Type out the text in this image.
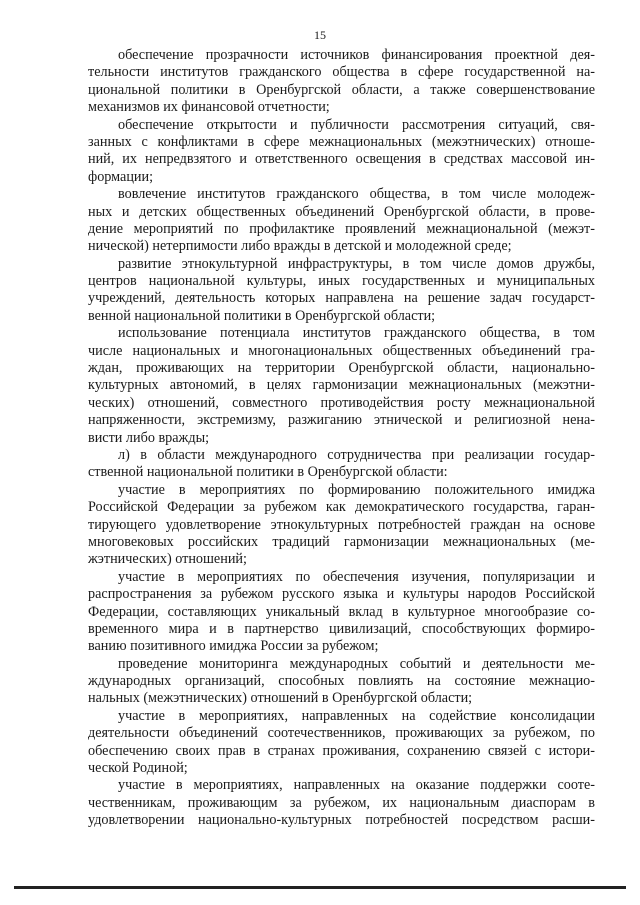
15
обеспечение прозрачности источников финансирования проектной дея-
тельности институтов гражданского общества в сфере государственной на-
циональной политики в Оренбургской области, а также совершенствование
механизмов их финансовой отчетности;
обеспечение открытости и публичности рассмотрения ситуаций, свя-
занных с конфликтами в сфере межнациональных (межэтнических) отноше-
ний, их непредвзятого и ответственного освещения в средствах массовой ин-
формации;
вовлечение институтов гражданского общества, в том числе молодеж-
ных и детских общественных объединений Оренбургской области, в прове-
дение мероприятий по профилактике проявлений межнациональной (межэт-
нической) нетерпимости либо вражды в детской и молодежной среде;
развитие этнокультурной инфраструктуры, в том числе домов дружбы,
центров национальной культуры, иных государственных и муниципальных
учреждений, деятельность которых направлена на решение задач государст-
венной национальной политики в Оренбургской области;
использование потенциала институтов гражданского общества, в том
числе национальных и многонациональных общественных объединений гра-
ждан, проживающих на территории Оренбургской области, национально-
культурных автономий, в целях гармонизации межнациональных (межэтни-
ческих) отношений, совместного противодействия росту межнациональной
напряженности, экстремизму, разжиганию этнической и религиозной нена-
висти либо вражды;
л) в области международного сотрудничества при реализации государ-
ственной национальной политики в Оренбургской области:
участие в мероприятиях по формированию положительного имиджа
Российской Федерации за рубежом как демократического государства, гаран-
тирующего удовлетворение этнокультурных потребностей граждан на основе
многовековых российских традиций гармонизации межнациональных (ме-
жэтнических) отношений;
участие в мероприятиях по обеспечения изучения, популяризации и
распространения за рубежом русского языка и культуры народов Российской
Федерации, составляющих уникальный вклад в культурное многообразие со-
временного мира и в партнерство цивилизаций, способствующих формиро-
ванию позитивного имиджа России за рубежом;
проведение мониторинга международных событий и деятельности ме-
ждународных организаций, способных повлиять на состояние межнацио-
нальных (межэтнических) отношений в Оренбургской области;
участие в мероприятиях, направленных на содействие консолидации
деятельности объединений соотечественников, проживающих за рубежом, по
обеспечению своих прав в странах проживания, сохранению связей с истори-
ческой Родиной;
участие в мероприятиях, направленных на оказание поддержки сооте-
чественникам, проживающим за рубежом, их национальным диаспорам в
удовлетворении национально-культурных потребностей посредством расши-
